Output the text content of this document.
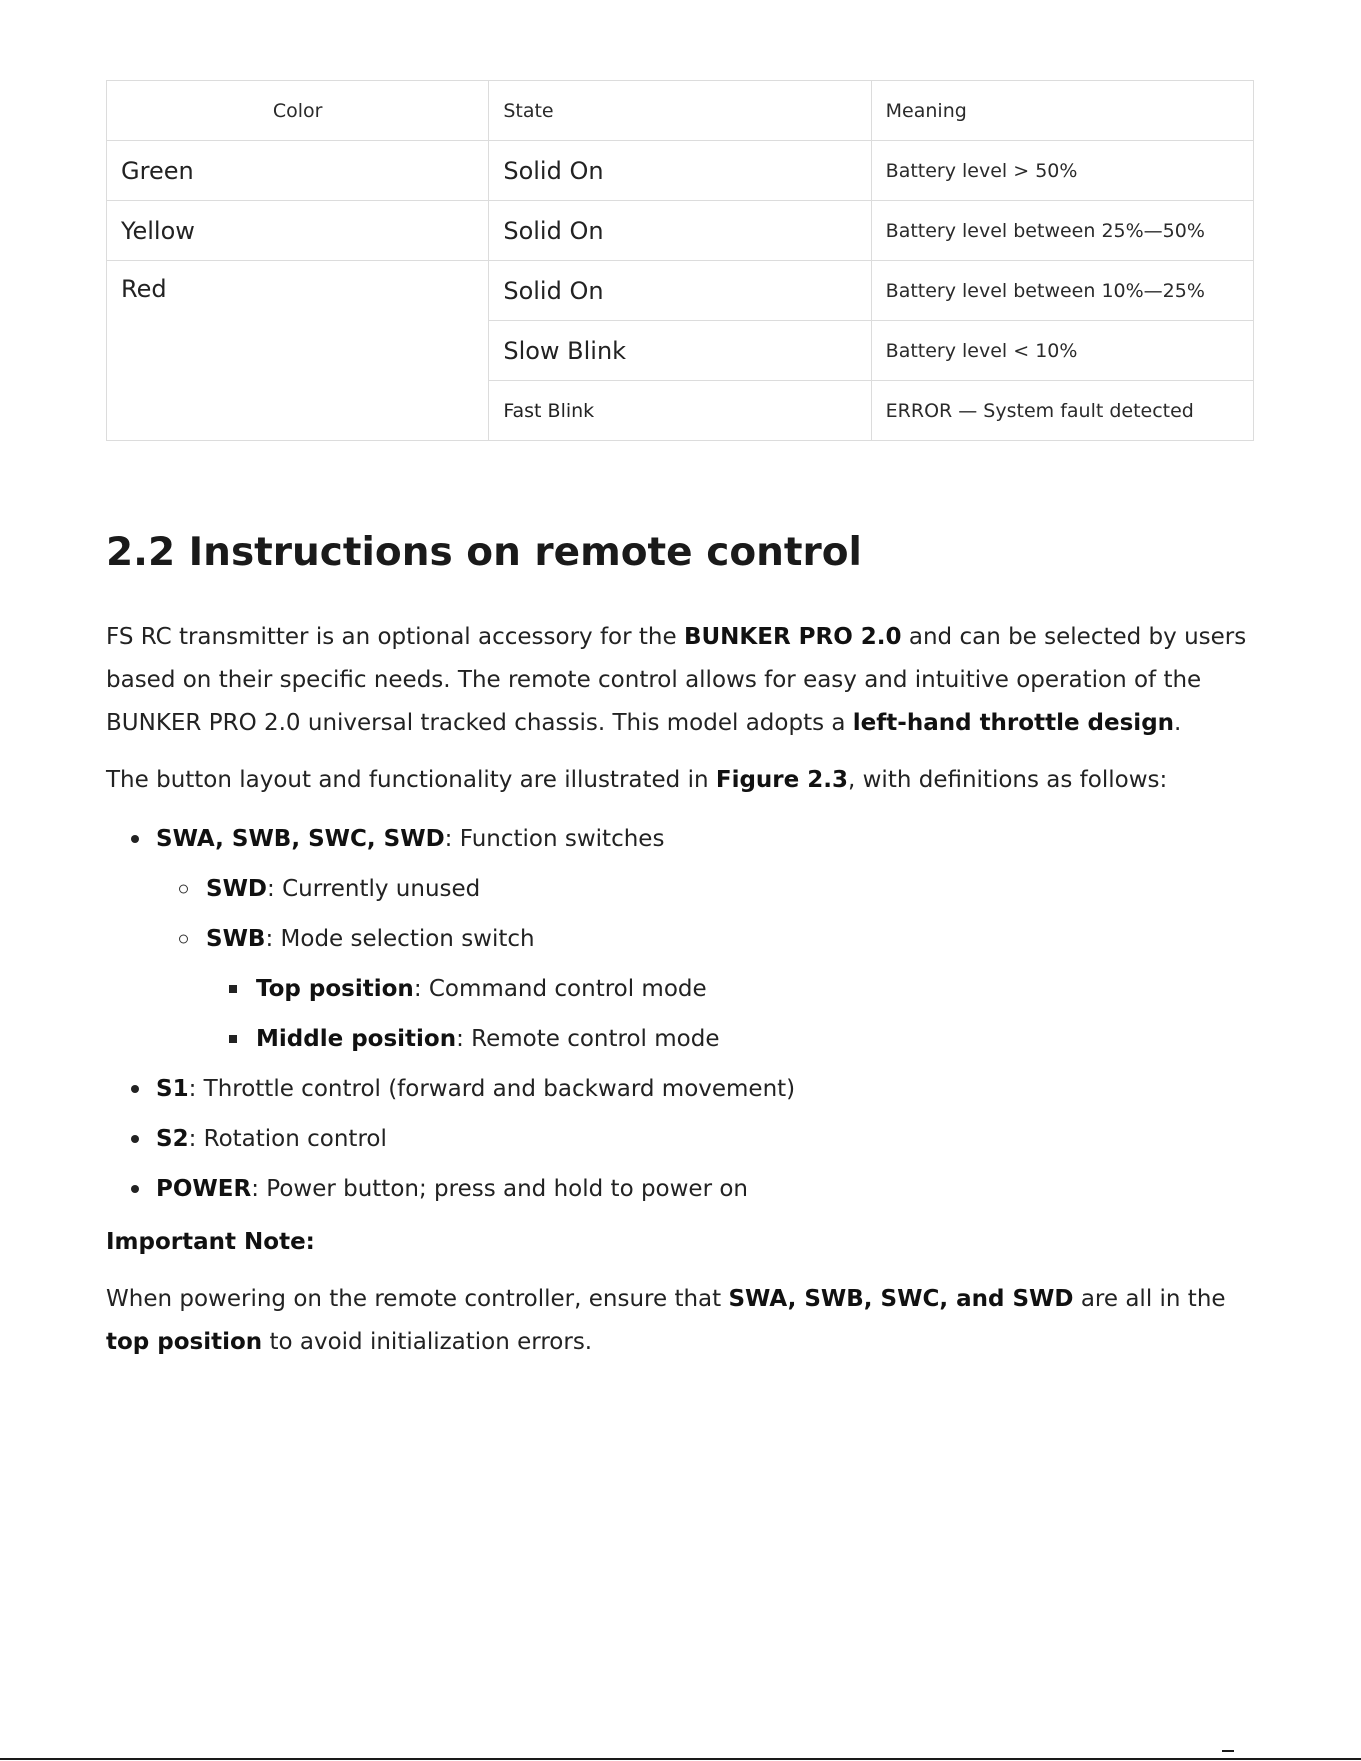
Color	State	Meaning
Green	Solid On	Battery level > 50%
Yellow	Solid On	Battery level between 25%—50%
Red	Solid On	Battery level between 10%—25%
	Slow Blink	Battery level < 10%
	Fast Blink	ERROR — System fault detected
2.2 Instructions on remote control

FS RC transmitter is an optional accessory for the BUNKER PRO 2.0 and can be selected by users based on their specific needs. The remote control allows for easy and intuitive operation of the BUNKER PRO 2.0 universal tracked chassis. This model adopts a left-hand throttle design.

The button layout and functionality are illustrated in Figure 2.3, with definitions as follows:

SWA, SWB, SWC, SWD: Function switches
SWD: Currently unused
SWB: Mode selection switch
Top position: Command control mode
Middle position: Remote control mode
S1: Throttle control (forward and backward movement)
S2: Rotation control
POWER: Power button; press and hold to power on

Important Note:

When powering on the remote controller, ensure that SWA, SWB, SWC, and SWD are all in the top position to avoid initialization errors.
